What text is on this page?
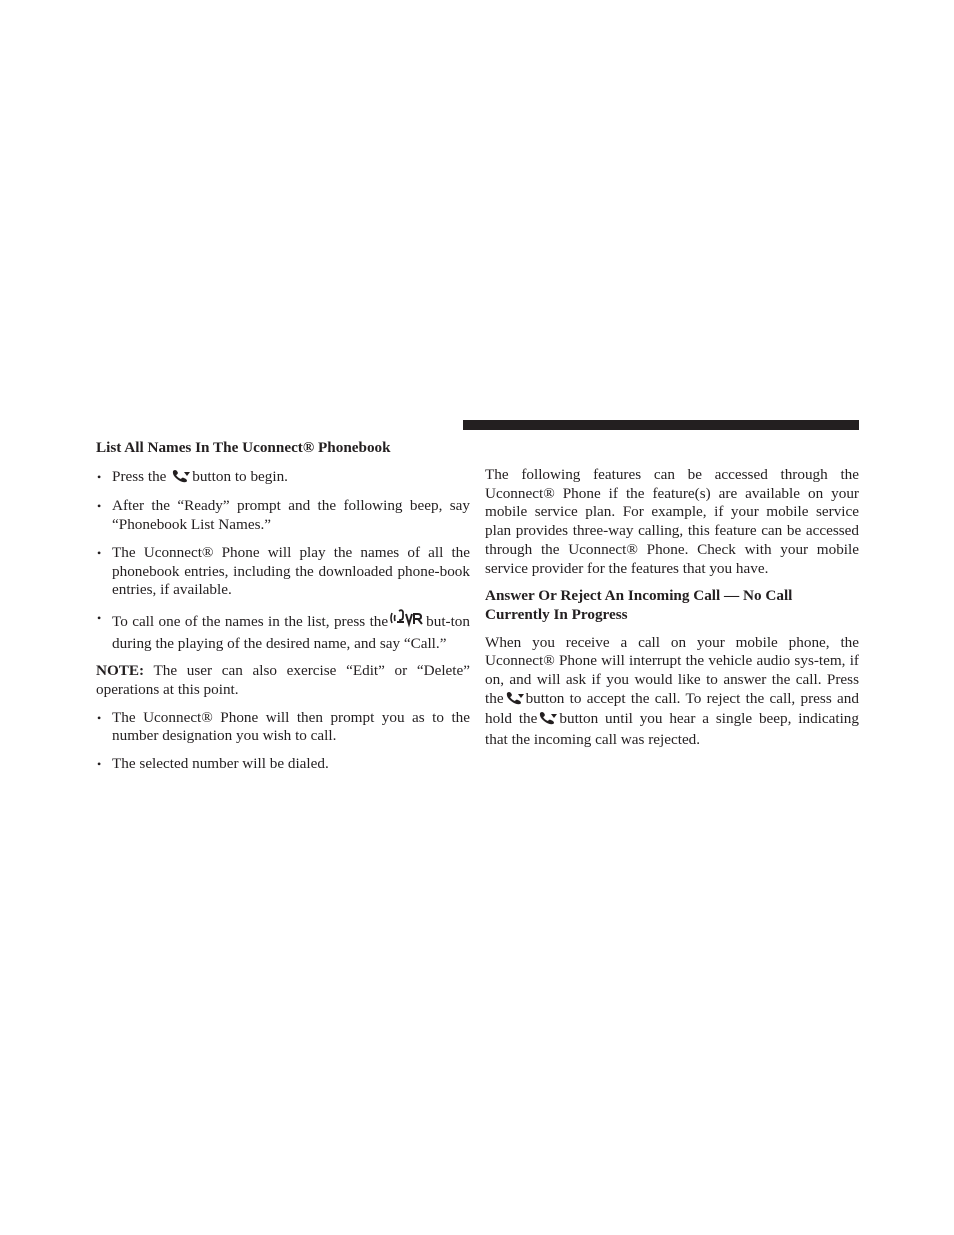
List All Names In The Uconnect® Phonebook
• Press the button to begin.
• After the “Ready” prompt and the following beep, say “Phonebook List Names.”
• The Uconnect® Phone will play the names of all the phonebook entries, including the downloaded phone-book entries, if available.
• To call one of the names in the list, press the	but-ton during the playing of the desired name, and say “Call.”

NOTE: The user can also exercise “Edit” or “Delete” operations at this point.

• The Uconnect® Phone will then prompt you as to the number designation you wish to call.
• The selected number will be dialed.

The following features can be accessed through the Uconnect® Phone if the feature(s) are available on your mobile service plan. For example, if your mobile service plan provides three-way calling, this feature can be accessed through the Uconnect® Phone. Check with your mobile service provider for the features that you have.

Answer Or Reject An Incoming Call — No Call Currently In Progress

When you receive a call on your mobile phone, the Uconnect® Phone will interrupt the vehicle audio sys-tem, if on, and will ask if you would like to answer the call. Press the button to accept the call. To reject the call, press and hold the button until you hear a single beep, indicating that the incoming call was rejected.
